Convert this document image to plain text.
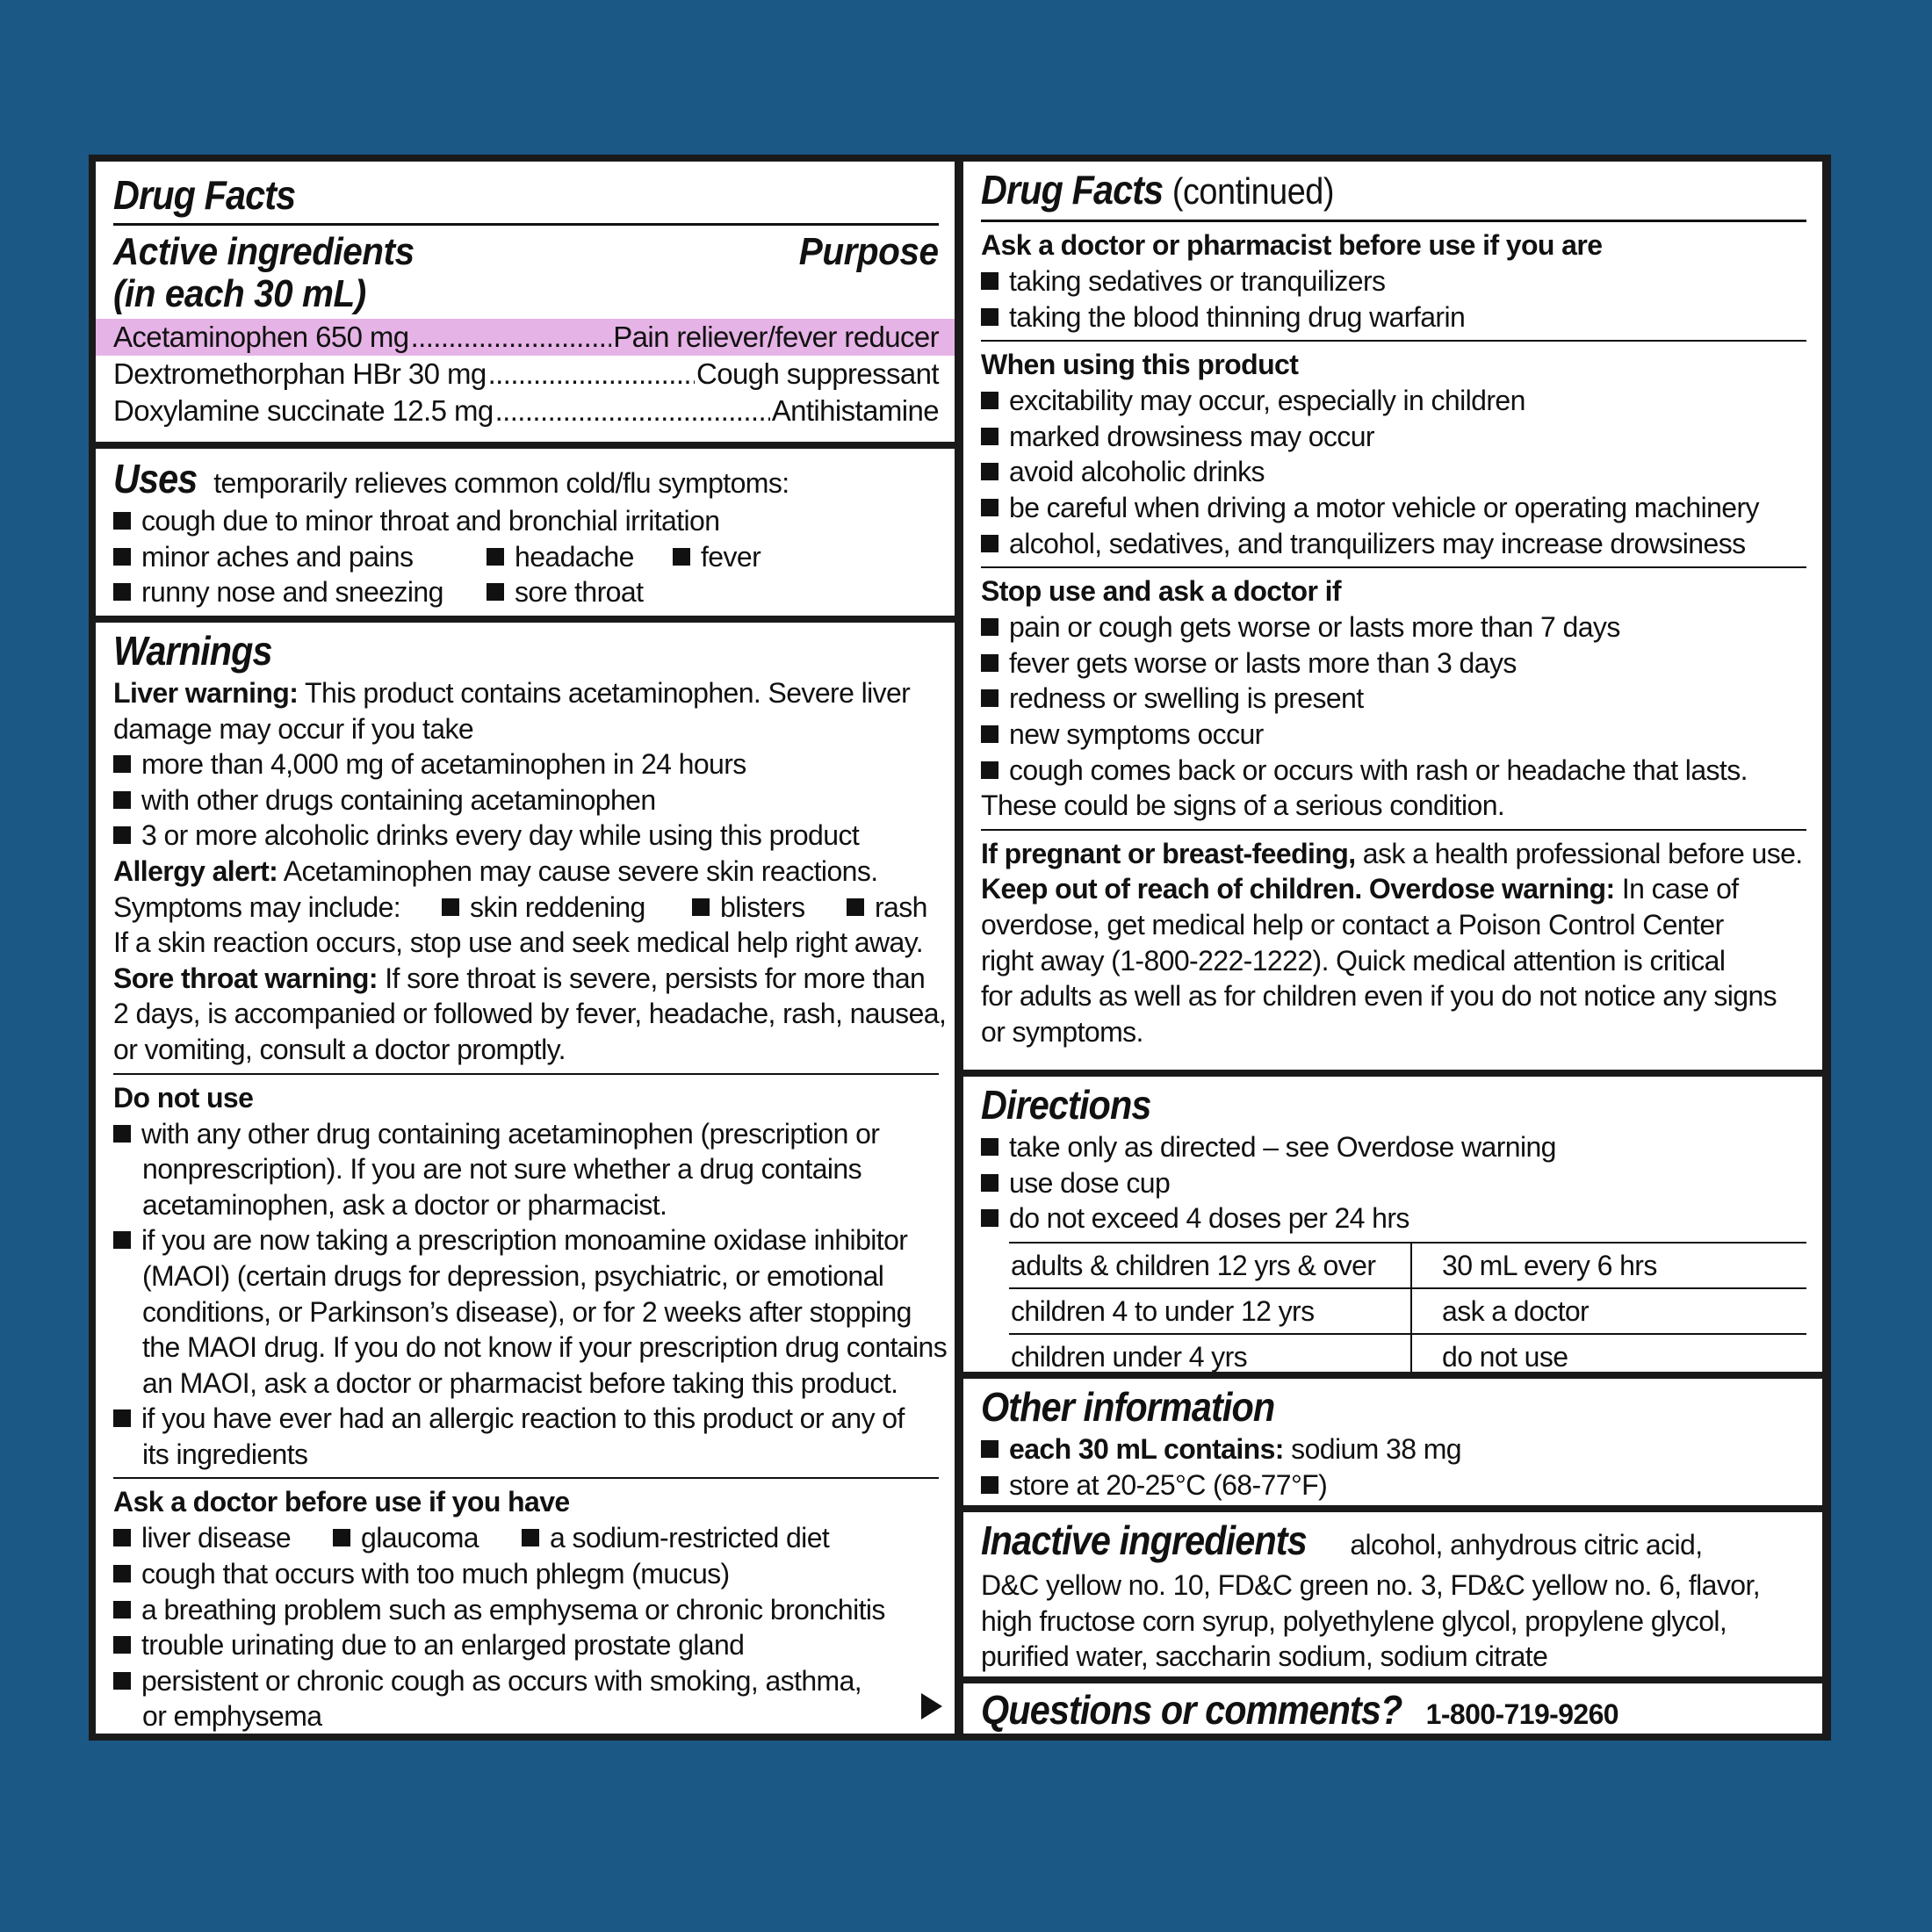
Drug Facts
Active ingredients	Purpose
(in each 30 mL)
Acetaminophen 650 mg .....	Pain reliever/fever reducer
Dextromethorphan HBr 30 mg .....	Cough suppressant
Doxylamine succinate 12.5 mg .....	Antihistamine
Uses temporarily relieves common cold/flu symptoms:
cough due to minor throat and bronchial irritation
minor aches and pains	headache	fever
runny nose and sneezing	sore throat
Warnings
Liver warning: This product contains acetaminophen. Severe liver
damage may occur if you take
more than 4,000 mg of acetaminophen in 24 hours
with other drugs containing acetaminophen
3 or more alcoholic drinks every day while using this product
Allergy alert: Acetaminophen may cause severe skin reactions.
Symptoms may include:	skin reddening	blisters	rash
If a skin reaction occurs, stop use and seek medical help right away.
Sore throat warning: If sore throat is severe, persists for more than
2 days, is accompanied or followed by fever, headache, rash, nausea,
or vomiting, consult a doctor promptly.
Do not use
with any other drug containing acetaminophen (prescription or
nonprescription). If you are not sure whether a drug contains
acetaminophen, ask a doctor or pharmacist.
if you are now taking a prescription monoamine oxidase inhibitor
(MAOI) (certain drugs for depression, psychiatric, or emotional
conditions, or Parkinson’s disease), or for 2 weeks after stopping
the MAOI drug. If you do not know if your prescription drug contains
an MAOI, ask a doctor or pharmacist before taking this product.
if you have ever had an allergic reaction to this product or any of
its ingredients
Ask a doctor before use if you have
liver disease	glaucoma	a sodium-restricted diet
cough that occurs with too much phlegm (mucus)
a breathing problem such as emphysema or chronic bronchitis
trouble urinating due to an enlarged prostate gland
persistent or chronic cough as occurs with smoking, asthma,
or emphysema
Drug Facts (continued)
Ask a doctor or pharmacist before use if you are
taking sedatives or tranquilizers
taking the blood thinning drug warfarin
When using this product
excitability may occur, especially in children
marked drowsiness may occur
avoid alcoholic drinks
be careful when driving a motor vehicle or operating machinery
alcohol, sedatives, and tranquilizers may increase drowsiness
Stop use and ask a doctor if
pain or cough gets worse or lasts more than 7 days
fever gets worse or lasts more than 3 days
redness or swelling is present
new symptoms occur
cough comes back or occurs with rash or headache that lasts.
These could be signs of a serious condition.
If pregnant or breast-feeding, ask a health professional before use.
Keep out of reach of children. Overdose warning: In case of
overdose, get medical help or contact a Poison Control Center
right away (1-800-222-1222). Quick medical attention is critical
for adults as well as for children even if you do not notice any signs
or symptoms.
Directions
take only as directed – see Overdose warning
use dose cup
do not exceed 4 doses per 24 hrs
adults & children 12 yrs & over	30 mL every 6 hrs
children 4 to under 12 yrs	ask a doctor
children under 4 yrs	do not use
Other information
each 30 mL contains: sodium 38 mg
store at 20-25°C (68-77°F)
Inactive ingredients alcohol, anhydrous citric acid,
D&C yellow no. 10, FD&C green no. 3, FD&C yellow no. 6, flavor,
high fructose corn syrup, polyethylene glycol, propylene glycol,
purified water, saccharin sodium, sodium citrate
Questions or comments? 1-800-719-9260
